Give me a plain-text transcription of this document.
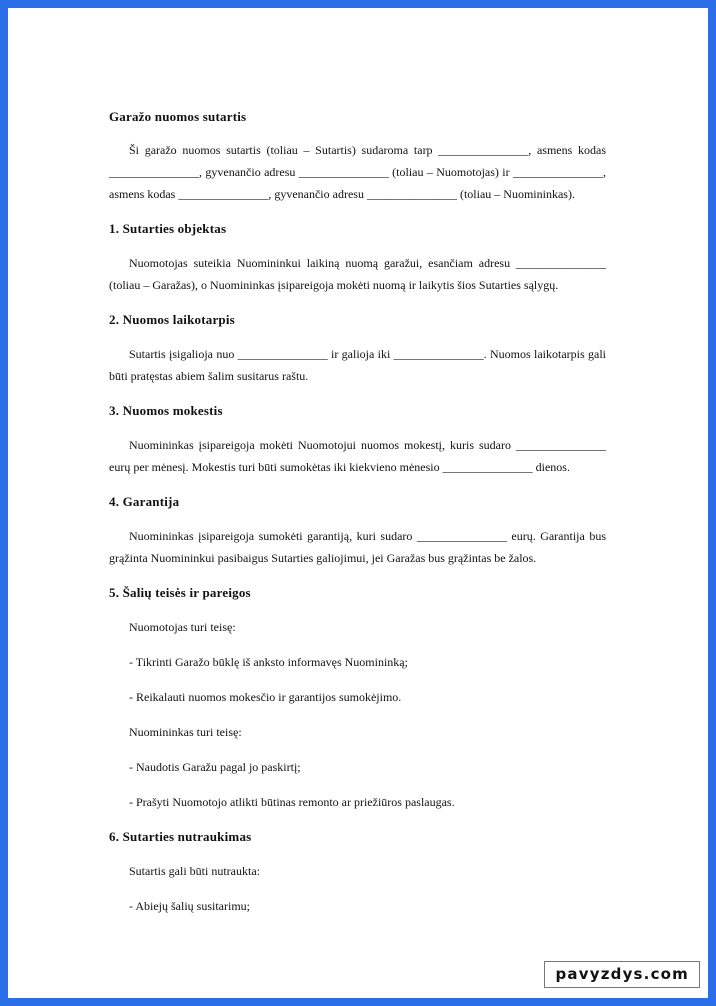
Garažo nuomos sutartis

Ši garažo nuomos sutartis (toliau – Sutartis) sudaroma tarp _______________, asmens kodas _______________, gyvenančio adresu _______________ (toliau – Nuomotojas) ir _______________, asmens kodas _______________, gyvenančio adresu _______________ (toliau – Nuomininkas).

1. Sutarties objektas

Nuomotojas suteikia Nuomininkui laikiną nuomą garažui, esančiam adresu _______________ (toliau – Garažas), o Nuomininkas įsipareigoja mokėti nuomą ir laikytis šios Sutarties sąlygų.

2. Nuomos laikotarpis

Sutartis įsigalioja nuo _______________ ir galioja iki _______________. Nuomos laikotarpis gali būti pratęstas abiem šalim susitarus raštu.

3. Nuomos mokestis

Nuomininkas įsipareigoja mokėti Nuomotojui nuomos mokestį, kuris sudaro _______________ eurų per mėnesį. Mokestis turi būti sumokėtas iki kiekvieno mėnesio _______________ dienos.

4. Garantija

Nuomininkas įsipareigoja sumokėti garantiją, kuri sudaro _______________ eurų. Garantija bus grąžinta Nuomininkui pasibaigus Sutarties galiojimui, jei Garažas bus grąžintas be žalos.

5. Šalių teisės ir pareigos

Nuomotojas turi teisę:

- Tikrinti Garažo būklę iš anksto informavęs Nuomininką;

- Reikalauti nuomos mokesčio ir garantijos sumokėjimo.

Nuomininkas turi teisę:

- Naudotis Garažu pagal jo paskirtį;

- Prašyti Nuomotojo atlikti būtinas remonto ar priežiūros paslaugas.

6. Sutarties nutraukimas

Sutartis gali būti nutraukta:

- Abiejų šalių susitarimu;

pavyzdys.com
